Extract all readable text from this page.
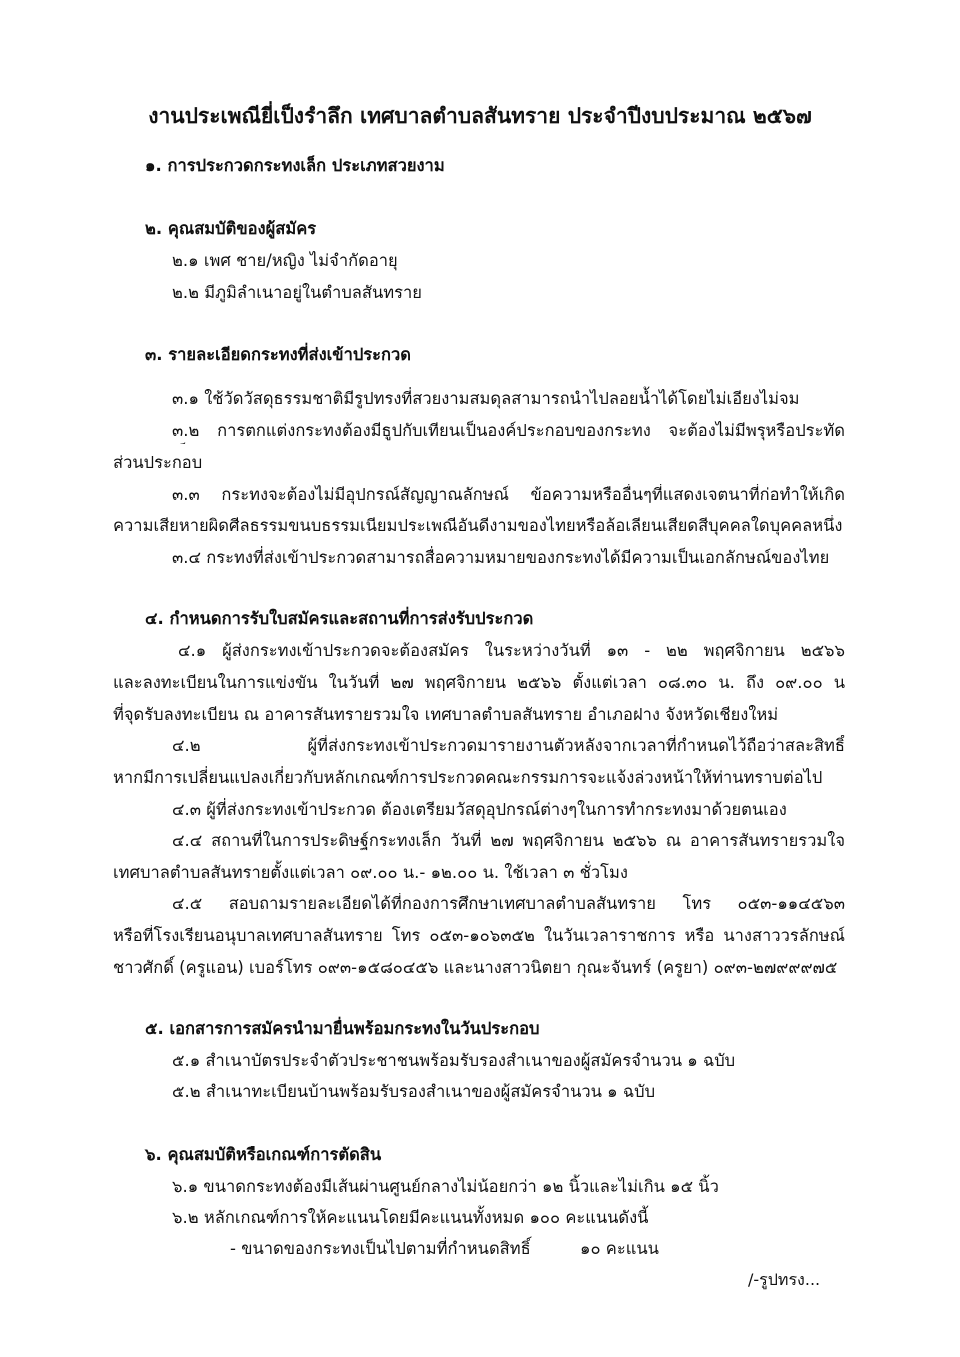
งานประเพณียี่เป็งรำลึก เทศบาลตำบลสันทราย ประจำปีงบประมาณ ๒๕๖๗
๑. การประกวดกระทงเล็ก ประเภทสวยงาม
๒. คุณสมบัติของผู้สมัคร
๒.๑ เพศ ชาย/หญิง ไม่จำกัดอายุ
๒.๒ มีภูมิลำเนาอยู่ในตำบลสันทราย
๓. รายละเอียดกระทงที่ส่งเข้าประกวด
๓.๑ ใช้วัดวัสดุธรรมชาติมีรูปทรงที่สวยงามสมดุลสามารถนำไปลอยน้ำได้โดยไม่เอียงไม่จม
๓.๒ การตกแต่งกระทงต้องมีธูปกับเทียนเป็นองค์ประกอบของกระทง จะต้องไม่มีพรุหรือประทัด
ส่วนประกอบ
๓.๓ กระทงจะต้องไม่มีอุปกรณ์สัญญาณลักษณ์ ข้อความหรืออื่นๆที่แสดงเจตนาที่ก่อทำให้เกิด
ความเสียหายผิดศีลธรรมขนบธรรมเนียมประเพณีอันดีงามของไทยหรือล้อเลียนเสียดสีบุคคลใดบุคคลหนึ่ง
๓.๔ กระทงที่ส่งเข้าประกวดสามารถสื่อความหมายของกระทงได้มีความเป็นเอกลักษณ์ของไทย
๔. กำหนดการรับใบสมัครและสถานที่การส่งรับประกวด
๔.๑ ผู้ส่งกระทงเข้าประกวดจะต้องสมัคร ในระหว่างวันที่ ๑๓ - ๒๒ พฤศจิกายน ๒๕๖๖
และลงทะเบียนในการแข่งขัน ในวันที่ ๒๗ พฤศจิกายน ๒๕๖๖ ตั้งแต่เวลา ๐๘.๓๐ น. ถึง ๐๙.๐๐ น
ที่จุดรับลงทะเบียน ณ อาคารสันทรายรวมใจ เทศบาลตำบลสันทราย อำเภอฝาง จังหวัดเชียงใหม่
๔.๒ ผู้ที่ส่งกระทงเข้าประกวดมารายงานตัวหลังจากเวลาที่กำหนดไว้ถือว่าสละสิทธิ์
หากมีการเปลี่ยนแปลงเกี่ยวกับหลักเกณฑ์การประกวดคณะกรรมการจะแจ้งล่วงหน้าให้ท่านทราบต่อไป
๔.๓ ผู้ที่ส่งกระทงเข้าประกวด ต้องเตรียมวัสดุอุปกรณ์ต่างๆในการทำกระทงมาด้วยตนเอง
๔.๔ สถานที่ในการประดิษฐ์กระทงเล็ก วันที่ ๒๗ พฤศจิกายน ๒๕๖๖ ณ อาคารสันทรายรวมใจ
เทศบาลตำบลสันทรายตั้งแต่เวลา ๐๙.๐๐ น.- ๑๒.๐๐ น. ใช้เวลา ๓ ชั่วโมง
๔.๕ สอบถามรายละเอียดได้ที่กองการศึกษาเทศบาลตำบลสันทราย โทร ๐๕๓-๑๑๔๕๖๓
หรือที่โรงเรียนอนุบาลเทศบาลสันทราย โทร ๐๕๓-๑๐๖๓๕๒ ในวันเวลาราชการ หรือ นางสาววรลักษณ์
ชาวศักดิ์ (ครูแอน) เบอร์โทร ๐๙๓-๑๕๘๐๔๕๖ และนางสาวนิตยา กุณะจันทร์ (ครูยา) ๐๙๓-๒๗๙๙๙๗๕
๕. เอกสารการสมัครนำมายื่นพร้อมกระทงในวันประกอบ
๕.๑ สำเนาบัตรประจำตัวประชาชนพร้อมรับรองสำเนาของผู้สมัครจำนวน ๑ ฉบับ
๕.๒ สำเนาทะเบียนบ้านพร้อมรับรองสำเนาของผู้สมัครจำนวน ๑ ฉบับ
๖. คุณสมบัติหรือเกณฑ์การตัดสิน
๖.๑ ขนาดกระทงต้องมีเส้นผ่านศูนย์กลางไม่น้อยกว่า ๑๒ นิ้วและไม่เกิน ๑๕ นิ้ว
๖.๒ หลักเกณฑ์การให้คะแนนโดยมีคะแนนทั้งหมด ๑๐๐ คะแนนดังนี้
- ขนาดของกระทงเป็นไปตามที่กำหนดสิทธิ์	๑๐ คะแนน
/-รูปทรง...
